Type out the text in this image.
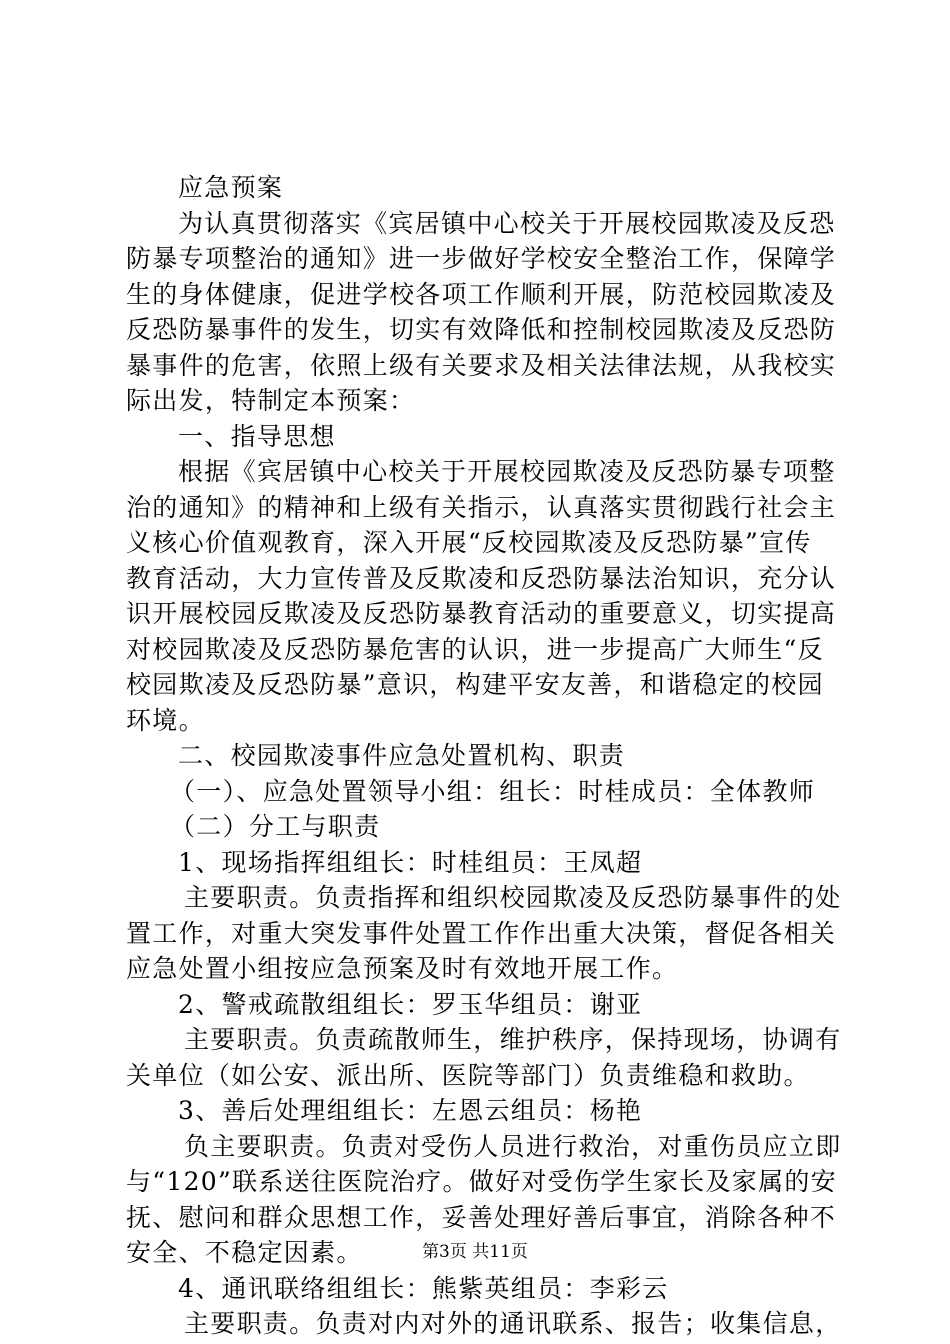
应急预案
为认真贯彻落实《宾居镇中心校关于开展校园欺凌及反恐
防暴专项整治的通知》进一步做好学校安全整治工作，保障学
生的身体健康，促进学校各项工作顺利开展，防范校园欺凌及
反恐防暴事件的发生，切实有效降低和控制校园欺凌及反恐防
暴事件的危害，依照上级有关要求及相关法律法规，从我校实
际出发，特制定本预案：
一、指导思想
根据《宾居镇中心校关于开展校园欺凌及反恐防暴专项整
治的通知》的精神和上级有关指示，认真落实贯彻践行社会主
义核心价值观教育，深入开展“反校园欺凌及反恐防暴”宣传
教育活动，大力宣传普及反欺凌和反恐防暴法治知识，充分认
识开展校园反欺凌及反恐防暴教育活动的重要意义，切实提高
对校园欺凌及反恐防暴危害的认识，进一步提高广大师生“反
校园欺凌及反恐防暴”意识，构建平安友善，和谐稳定的校园
环境。
二、校园欺凌事件应急处置机构、职责
（一）、应急处置领导小组：组长：时桂成员：全体教师
（二）分工与职责
1、现场指挥组组长：时桂组员：王凤超
主要职责。负责指挥和组织校园欺凌及反恐防暴事件的处
置工作，对重大突发事件处置工作作出重大决策，督促各相关
应急处置小组按应急预案及时有效地开展工作。
2、警戒疏散组组长：罗玉华组员：谢亚
主要职责。负责疏散师生，维护秩序，保持现场，协调有
关单位（如公安、派出所、医院等部门）负责维稳和救助。
3、善后处理组组长：左恩云组员：杨艳
负主要职责。负责对受伤人员进行救治，对重伤员应立即
与“120”联系送往医院治疗。做好对受伤学生家长及家属的安
抚、慰问和群众思想工作，妥善处理好善后事宜，消除各种不
安全、不稳定因素。
4、通讯联络组组长：熊紫英组员：李彩云
主要职责。负责对内对外的通讯联系、报告；收集信息，
第3页 共11页
